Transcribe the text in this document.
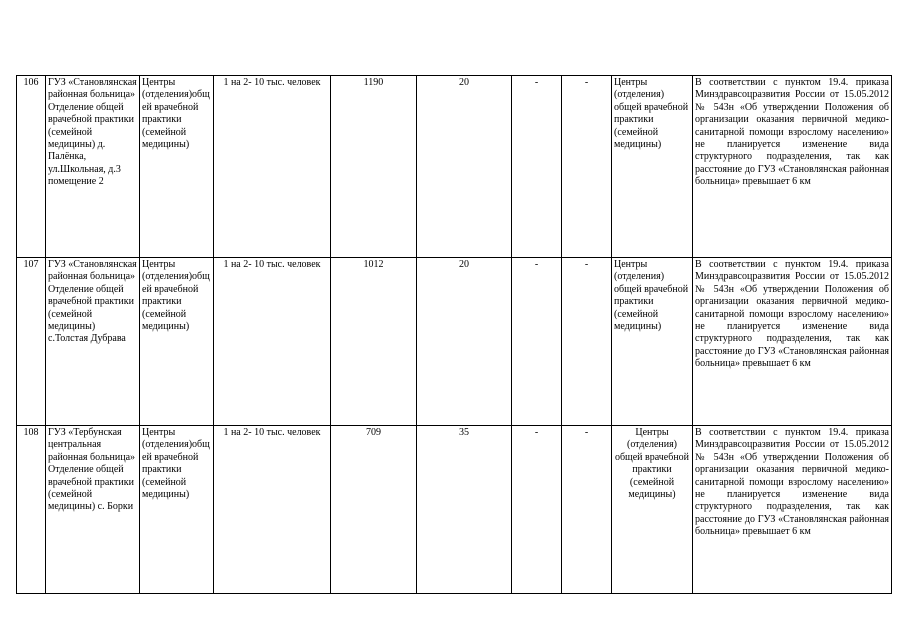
106	ГУЗ «Становлянская районная больница» Отделение общей врачебной практики (семейной медицины) д. Палёнка, ул.Школьная, д.3 помещение 2	Центры (отделения)общей врачебной практики (семейной медицины)	1 на 2- 10 тыс. человек	1190	20	-	-	Центры (отделения) общей врачебной практики (семейной медицины)	В соответствии с пунктом 19.4. приказа Минздравсоцразвития России от 15.05.2012 № 543н «Об утверждении Положения об организации оказания первичной медико-санитарной помощи взрослому населению» не планируется изменение вида структурного подразделения, так как расстояние до ГУЗ «Становлянская районная больница» превышает 6 км
107	ГУЗ «Становлянская районная больница» Отделение общей врачебной практики (семейной медицины) с.Толстая Дубрава	Центры (отделения)общей врачебной практики (семейной медицины)	1 на 2- 10 тыс. человек	1012	20	-	-	Центры (отделения) общей врачебной практики (семейной медицины)	В соответствии с пунктом 19.4. приказа Минздравсоцразвития России от 15.05.2012 № 543н «Об утверждении Положения об организации оказания первичной медико-санитарной помощи взрослому населению» не планируется изменение вида структурного подразделения, так как расстояние до ГУЗ «Становлянская районная больница» превышает 6 км
108	ГУЗ «Тербунская центральная районная больница» Отделение общей врачебной практики (семейной медицины) с. Борки	Центры (отделения)общей врачебной практики (семейной медицины)	1 на 2- 10 тыс. человек	709	35	-	-	Центры (отделения) общей врачебной практики (семейной медицины)	В соответствии с пунктом 19.4. приказа Минздравсоцразвития России от 15.05.2012 № 543н «Об утверждении Положения об организации оказания первичной медико-санитарной помощи взрослому населению» не планируется изменение вида структурного подразделения, так как расстояние до ГУЗ «Становлянская районная больница» превышает 6 км
